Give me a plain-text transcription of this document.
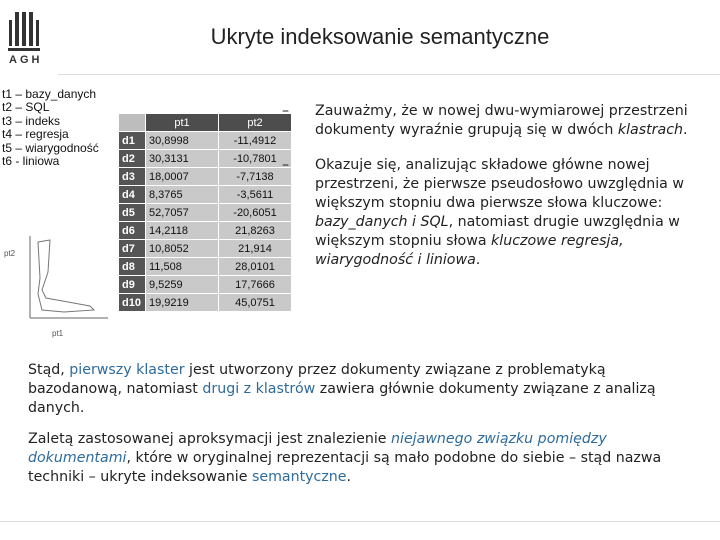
AGH
Ukryte indeksowanie semantyczne
t1 – bazy_danych
t2 – SQL
t3 – indeks
t4 – regresja
t5 – wiarygodność
t6 - liniowa
	pt1	pt2
d1	30,8998	-11,4912
d2	30,3131	-10,7801
d3	18,0007	-7,7138
d4	8,3765	-3,5611
d5	52,7057	-20,6051
d6	14,2118	21,8263
d7	10,8052	21,914
d8	11,508	28,0101
d9	9,5259	17,7666
d10	19,9219	45,0751
pt2
pt1
– Zauważmy, że w nowej dwu-wymiarowej przestrzeni dokumenty wyraźnie grupują się w dwóch klastrach.
– Okazuje się, analizując składowe główne nowej przestrzeni, że pierwsze pseudosłowo uwzględnia w większym stopniu dwa pierwsze słowa kluczowe: bazy_danych i SQL, natomiast drugie uwzględnia w większym stopniu słowa kluczowe regresja, wiarygodność i liniowa.

Stąd, pierwszy klaster jest utworzony przez dokumenty związane z problematyką bazodanową, natomiast drugi z klastrów zawiera głównie dokumenty związane z analizą danych.

Zaletą zastosowanej aproksymacji jest znalezienie niejawnego związku pomiędzy dokumentami, które w oryginalnej reprezentacji są mało podobne do siebie – stąd nazwa techniki – ukryte indeksowanie semantyczne.
